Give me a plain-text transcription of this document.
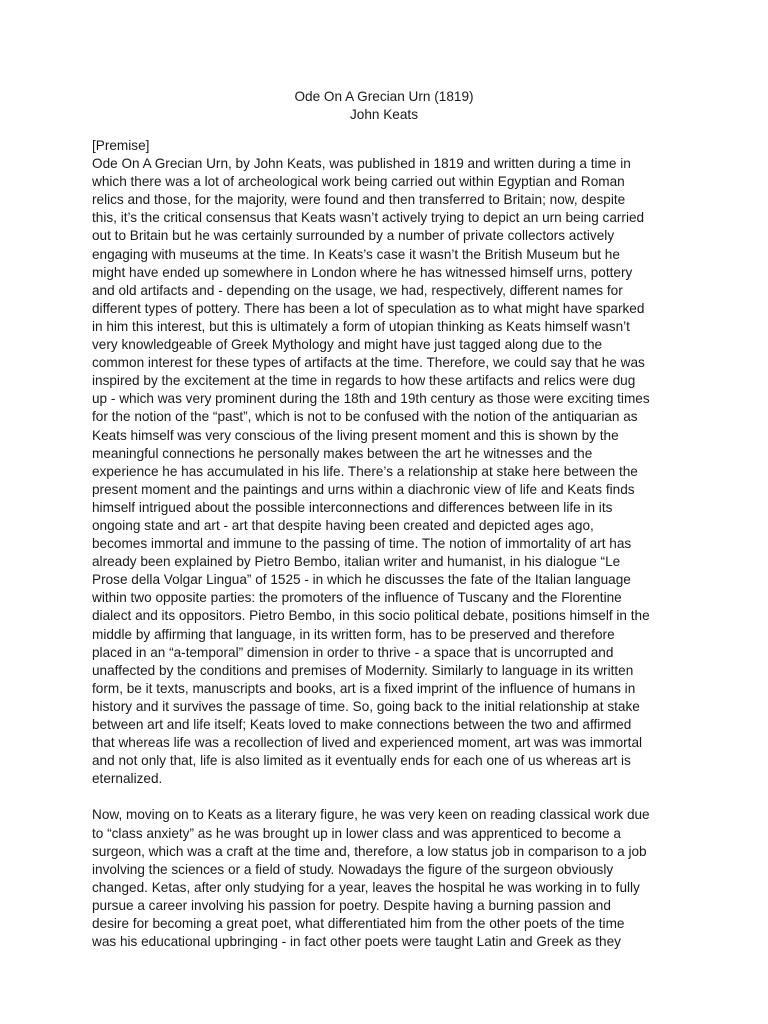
Ode On A Grecian Urn (1819)
John Keats
[Premise]
Ode On A Grecian Urn, by John Keats, was published in 1819 and written during a time in
which there was a lot of archeological work being carried out within Egyptian and Roman
relics and those, for the majority, were found and then transferred to Britain; now, despite
this, it’s the critical consensus that Keats wasn’t actively trying to depict an urn being carried
out to Britain but he was certainly surrounded by a number of private collectors actively
engaging with museums at the time. In Keats’s case it wasn’t the British Museum but he
might have ended up somewhere in London where he has witnessed himself urns, pottery
and old artifacts and - depending on the usage, we had, respectively, different names for
different types of pottery. There has been a lot of speculation as to what might have sparked
in him this interest, but this is ultimately a form of utopian thinking as Keats himself wasn’t
very knowledgeable of Greek Mythology and might have just tagged along due to the
common interest for these types of artifacts at the time. Therefore, we could say that he was
inspired by the excitement at the time in regards to how these artifacts and relics were dug
up - which was very prominent during the 18th and 19th century as those were exciting times
for the notion of the “past”, which is not to be confused with the notion of the antiquarian as
Keats himself was very conscious of the living present moment and this is shown by the
meaningful connections he personally makes between the art he witnesses and the
experience he has accumulated in his life. There’s a relationship at stake here between the
present moment and the paintings and urns within a diachronic view of life and Keats finds
himself intrigued about the possible interconnections and differences between life in its
ongoing state and art - art that despite having been created and depicted ages ago,
becomes immortal and immune to the passing of time. The notion of immortality of art has
already been explained by Pietro Bembo, italian writer and humanist, in his dialogue “Le
Prose della Volgar Lingua” of 1525 - in which he discusses the fate of the Italian language
within two opposite parties: the promoters of the influence of Tuscany and the Florentine
dialect and its oppositors. Pietro Bembo, in this socio political debate, positions himself in the
middle by affirming that language, in its written form, has to be preserved and therefore
placed in an “a-temporal” dimension in order to thrive - a space that is uncorrupted and
unaffected by the conditions and premises of Modernity. Similarly to language in its written
form, be it texts, manuscripts and books, art is a fixed imprint of the influence of humans in
history and it survives the passage of time. So, going back to the initial relationship at stake
between art and life itself; Keats loved to make connections between the two and affirmed
that whereas life was a recollection of lived and experienced moment, art was was immortal
and not only that, life is also limited as it eventually ends for each one of us whereas art is
eternalized.
Now, moving on to Keats as a literary figure, he was very keen on reading classical work due
to “class anxiety” as he was brought up in lower class and was apprenticed to become a
surgeon, which was a craft at the time and, therefore, a low status job in comparison to a job
involving the sciences or a field of study. Nowadays the figure of the surgeon obviously
changed. Ketas, after only studying for a year, leaves the hospital he was working in to fully
pursue a career involving his passion for poetry. Despite having a burning passion and
desire for becoming a great poet, what differentiated him from the other poets of the time
was his educational upbringing - in fact other poets were taught Latin and Greek as they
